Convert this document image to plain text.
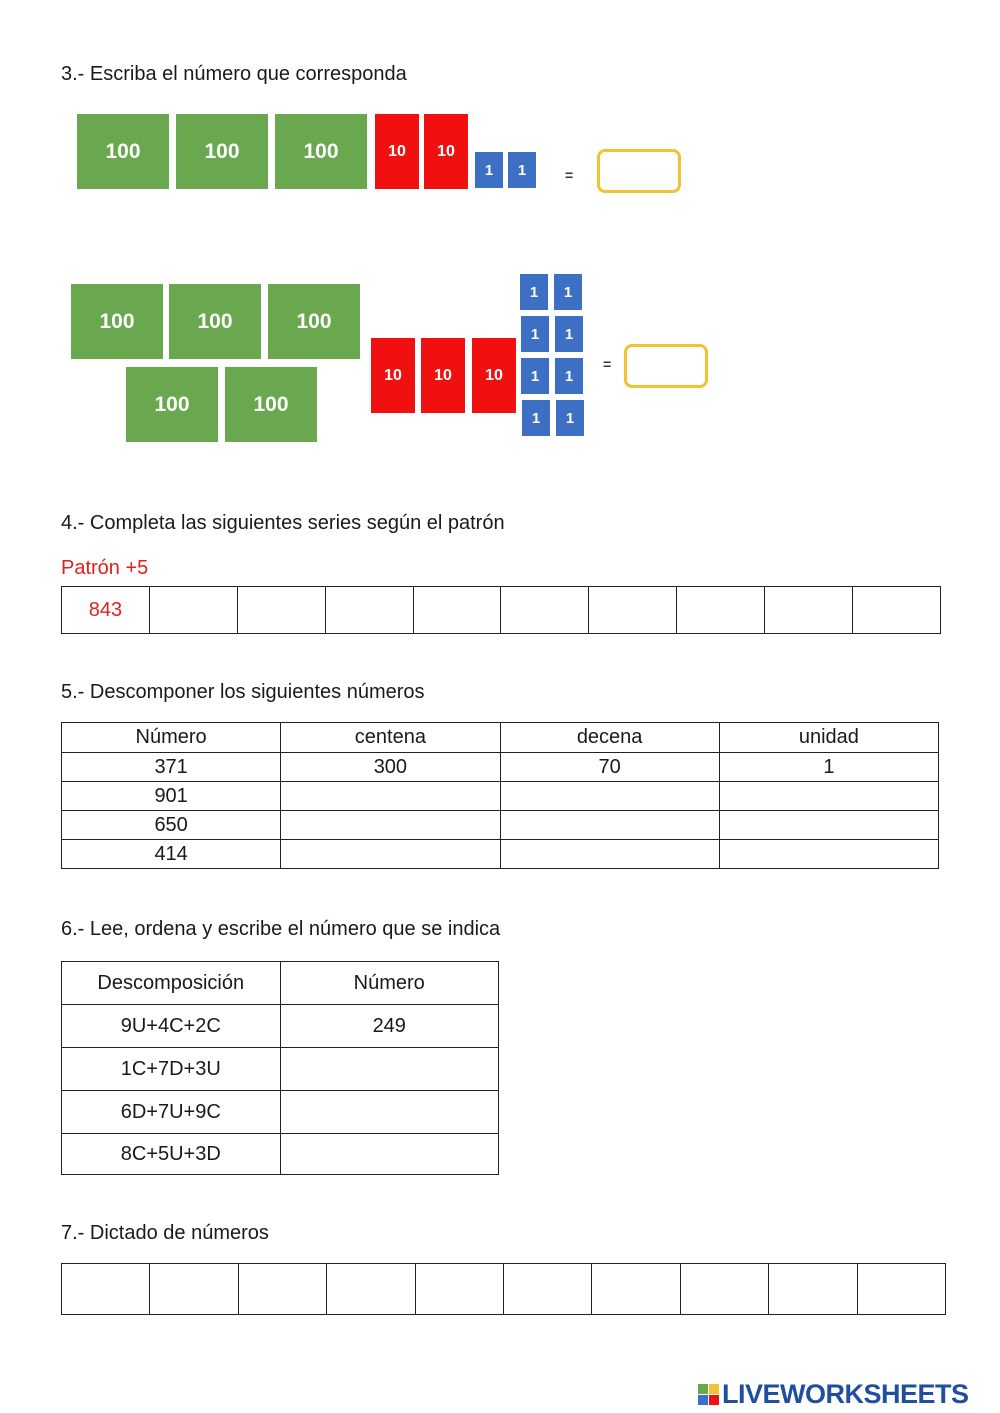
3.- Escriba el número que corresponda
100	100	100	10	10
1	1	=
100	100	100
100	100
10	10	10
1	1
1	1
1	1
1	1
=
4.- Completa las siguientes series según el patrón
Patrón +5
843									
5.- Descomponer los siguientes números
Número	centena	decena	unidad
371	300	70	1
901			
650			
414			
6.- Lee, ordena y escribe el número que se indica
Descomposición	Número
9U+4C+2C	249
1C+7D+3U	
6D+7U+9C	
8C+5U+3D	
7.- Dictado de números

LIVEWORKSHEETS
